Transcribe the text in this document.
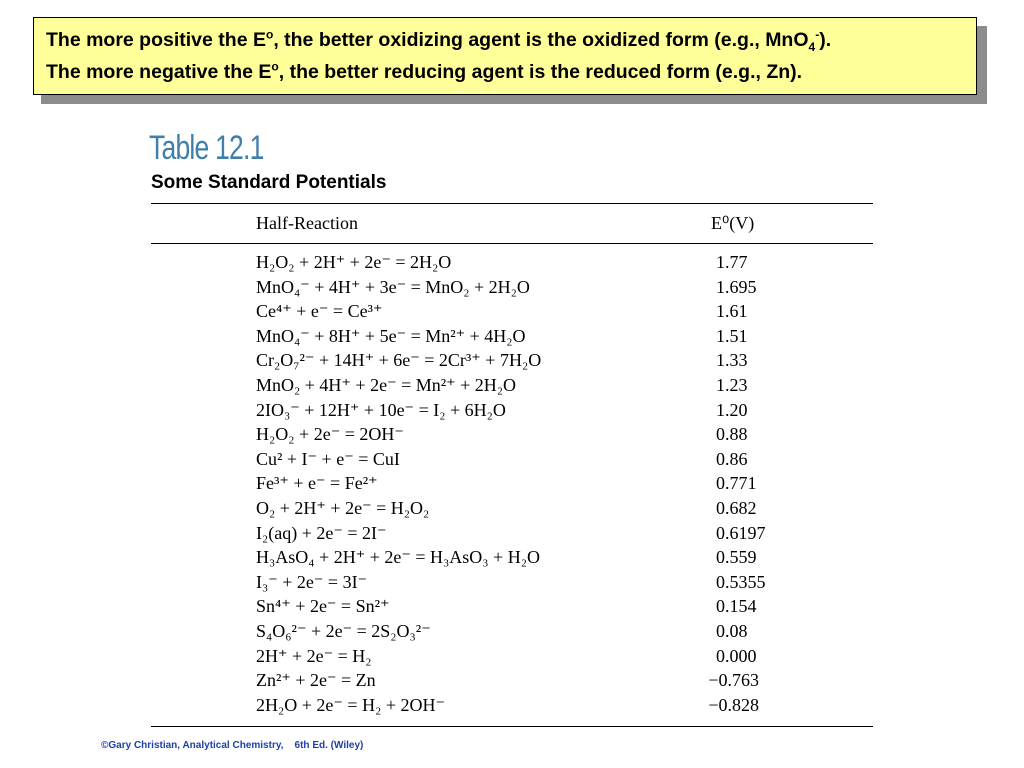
The more positive the $E^o$, the better oxidizing agent is the oxidized form (e.g., MnO$_4$-).
The more negative the $E^o$, the better reducing agent is the reduced form (e.g., Zn).
Table 12.1
Some Standard Potentials
Half-Reaction	E⁰(V)
H₂O₂ + 2H⁺ + 2e⁻ = 2H₂O	1.77
MnO₄⁻ + 4H⁺ + 3e⁻ = MnO₂ + 2H₂O	1.695
Ce⁴⁺ + e⁻ = Ce³⁺	1.61
MnO₄⁻ + 8H⁺ + 5e⁻ = Mn²⁺ + 4H₂O	1.51
Cr₂O₇²⁻ + 14H⁺ + 6e⁻ = 2Cr³⁺ + 7H₂O	1.33
MnO₂ + 4H⁺ + 2e⁻ = Mn²⁺ + 2H₂O	1.23
2IO₃⁻ + 12H⁺ + 10e⁻ = I₂ + 6H₂O	1.20
H₂O₂ + 2e⁻ = 2OH⁻	0.88
Cu² + I⁻ + e⁻ = CuI	0.86
Fe³⁺ + e⁻ = Fe²⁺	0.771
O₂ + 2H⁺ + 2e⁻ = H₂O₂	0.682
I₂(aq) + 2e⁻ = 2I⁻	0.6197
H₃AsO₄ + 2H⁺ + 2e⁻ = H₃AsO₃ + H₂O	0.559
I₃⁻ + 2e⁻ = 3I⁻	0.5355
Sn⁴⁺ + 2e⁻ = Sn²⁺	0.154
S₄O₆²⁻ + 2e⁻ = 2S₂O₃²⁻	0.08
2H⁺ + 2e⁻ = H₂	0.000
Zn²⁺ + 2e⁻ = Zn	−0.763
2H₂O + 2e⁻ = H₂ + 2OH⁻	−0.828
©Gary Christian, Analytical Chemistry,    6th Ed. (Wiley)
